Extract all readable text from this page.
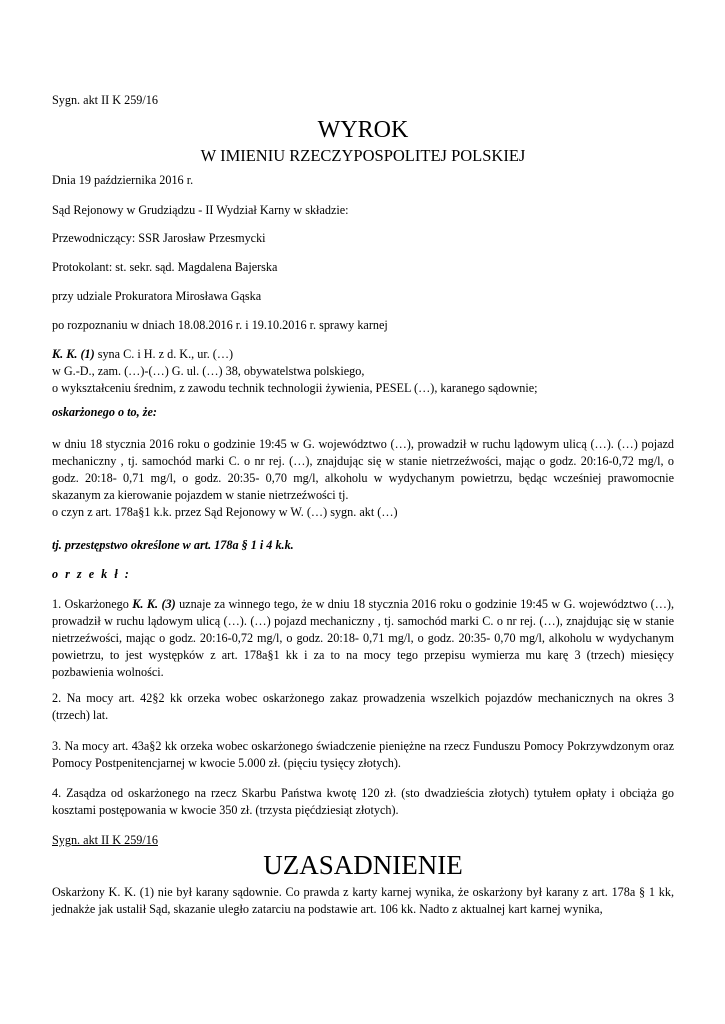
Sygn. akt II K 259/16

WYROK

W IMIENIU RZECZYPOSPOLITEJ POLSKIEJ

Dnia 19 października 2016 r.

Sąd Rejonowy w Grudziądzu - II Wydział Karny w składzie:

Przewodniczący: SSR Jarosław Przesmycki

Protokolant: st. sekr. sąd. Magdalena Bajerska

przy udziale Prokuratora Mirosława Gąska

po rozpoznaniu w dniach 18.08.2016 r. i 19.10.2016 r. sprawy karnej

K. K. (1) syna C. i H. z d. K., ur. (…)
w G.-D., zam. (…)-(…) G. ul. (…) 38, obywatelstwa polskiego,
o wykształceniu średnim, z zawodu technik technologii żywienia, PESEL (…), karanego sądownie;

oskarżonego o to, że:

w dniu 18 stycznia 2016 roku o godzinie 19:45 w G. województwo (…), prowadził w ruchu lądowym ulicą (…). (…) pojazd mechaniczny , tj. samochód marki C. o nr rej. (…), znajdując się w stanie nietrzeźwości, mając o godz. 20:16-0,72 mg/l, o godz. 20:18- 0,71 mg/l, o godz. 20:35- 0,70 mg/l, alkoholu w wydychanym powietrzu, będąc wcześniej prawomocnie skazanym za kierowanie pojazdem w stanie nietrzeźwości tj.
o czyn z art. 178a§1 k.k. przez Sąd Rejonowy w W. (…) sygn. akt (…)

tj. przestępstwo określone w art. 178a § 1 i 4 k.k.

o r z e k ł :

1. Oskarżonego K. K. (3) uznaje za winnego tego, że w dniu 18 stycznia 2016 roku o godzinie 19:45 w G. województwo (…), prowadził w ruchu lądowym ulicą (…). (…) pojazd mechaniczny , tj. samochód marki C. o nr rej. (…), znajdując się w stanie nietrzeźwości, mając o godz. 20:16-0,72 mg/l, o godz. 20:18- 0,71 mg/l, o godz. 20:35- 0,70 mg/l, alkoholu w wydychanym powietrzu, to jest występków z art. 178a§1 kk i za to na mocy tego przepisu wymierza mu karę 3 (trzech) miesięcy pozbawienia wolności.

2. Na mocy art. 42§2 kk orzeka wobec oskarżonego zakaz prowadzenia wszelkich pojazdów mechanicznych na okres 3 (trzech) lat.

3. Na mocy art. 43a§2 kk orzeka wobec oskarżonego świadczenie pieniężne na rzecz Funduszu Pomocy Pokrzywdzonym oraz Pomocy Postpenitencjarnej w kwocie 5.000 zł. (pięciu tysięcy złotych).

4. Zasądza od oskarżonego na rzecz Skarbu Państwa kwotę 120 zł. (sto dwadzieścia złotych) tytułem opłaty i obciąża go kosztami postępowania w kwocie 350 zł. (trzysta pięćdziesiąt złotych).

Sygn. akt II K 259/16

UZASADNIENIE

Oskarżony K. K. (1) nie był karany sądownie. Co prawda z karty karnej wynika, że oskarżony był karany z art. 178a § 1 kk, jednakże jak ustalił Sąd, skazanie uległo zatarciu na podstawie art. 106 kk. Nadto z aktualnej kart karnej wynika,
